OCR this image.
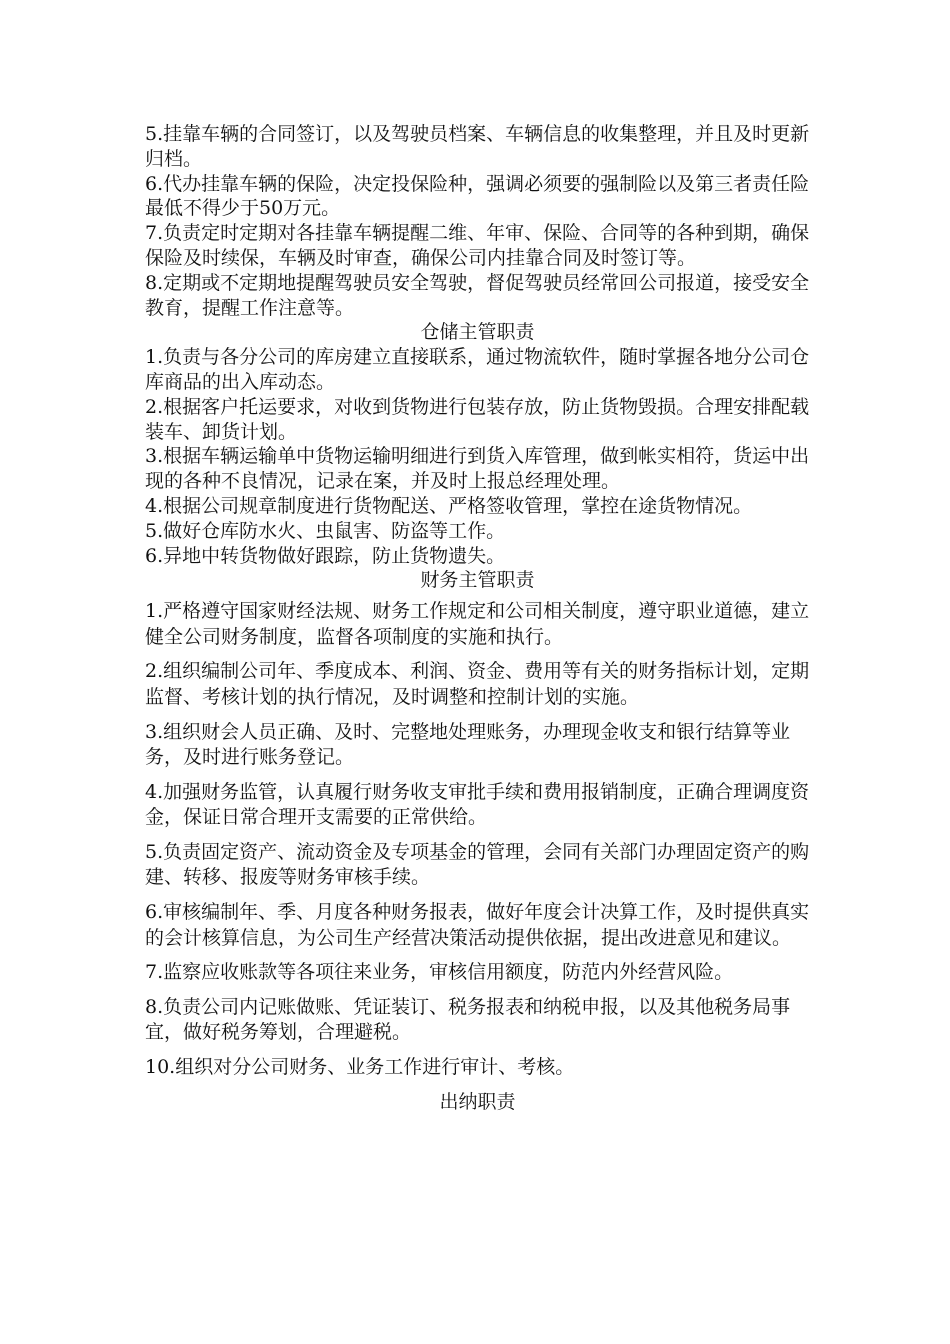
5.挂靠车辆的合同签订，以及驾驶员档案、车辆信息的收集整理，并且及时更新归档。

6.代办挂靠车辆的保险，决定投保险种，强调必须要的强制险以及第三者责任险最低不得少于50万元。

7.负责定时定期对各挂靠车辆提醒二维、年审、保险、合同等的各种到期，确保保险及时续保，车辆及时审查，确保公司内挂靠合同及时签订等。

8.定期或不定期地提醒驾驶员安全驾驶，督促驾驶员经常回公司报道，接受安全教育，提醒工作注意等。

仓储主管职责

1.负责与各分公司的库房建立直接联系，通过物流软件，随时掌握各地分公司仓库商品的出入库动态。

2.根据客户托运要求，对收到货物进行包装存放，防止货物毁损。合理安排配载装车、卸货计划。

3.根据车辆运输单中货物运输明细进行到货入库管理，做到帐实相符，货运中出现的各种不良情况，记录在案，并及时上报总经理处理。

4.根据公司规章制度进行货物配送、严格签收管理，掌控在途货物情况。

5.做好仓库防水火、虫鼠害、防盗等工作。

6.异地中转货物做好跟踪，防止货物遗失。

财务主管职责

1.严格遵守国家财经法规、财务工作规定和公司相关制度，遵守职业道德，建立健全公司财务制度，监督各项制度的实施和执行。

2.组织编制公司年、季度成本、利润、资金、费用等有关的财务指标计划，定期监督、考核计划的执行情况，及时调整和控制计划的实施。

3.组织财会人员正确、及时、完整地处理账务，办理现金收支和银行结算等业务，及时进行账务登记。

4.加强财务监管，认真履行财务收支审批手续和费用报销制度，正确合理调度资金，保证日常合理开支需要的正常供给。

5.负责固定资产、流动资金及专项基金的管理，会同有关部门办理固定资产的购建、转移、报废等财务审核手续。

6.审核编制年、季、月度各种财务报表，做好年度会计决算工作，及时提供真实的会计核算信息，为公司生产经营决策活动提供依据，提出改进意见和建议。

7.监察应收账款等各项往来业务，审核信用额度，防范内外经营风险。

8.负责公司内记账做账、凭证装订、税务报表和纳税申报，以及其他税务局事宜，做好税务筹划，合理避税。

10.组织对分公司财务、业务工作进行审计、考核。

出纳职责
